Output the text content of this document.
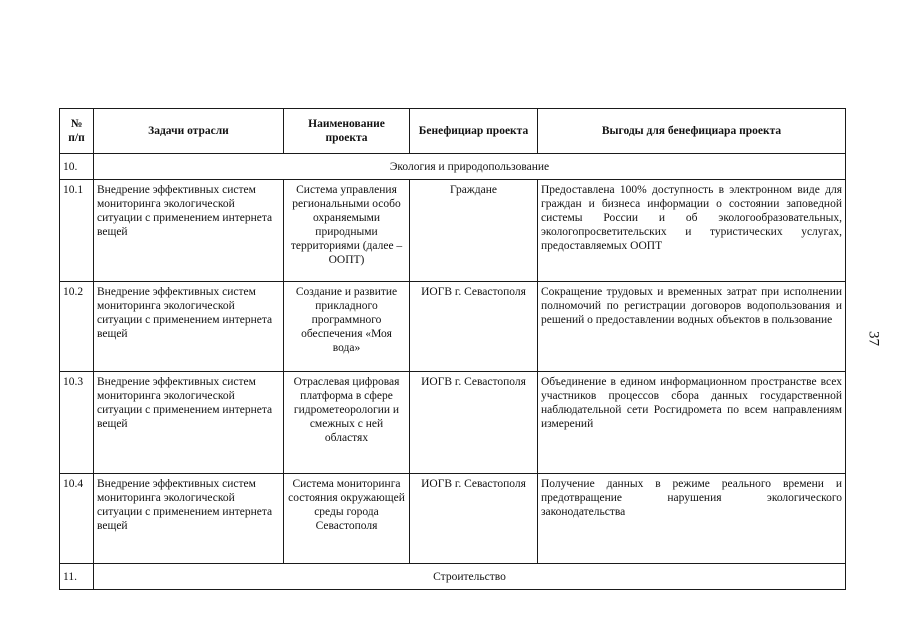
№
п/п	Задачи отрасли	Наименование проекта	Бенефициар проекта	Выгоды для бенефициара проекта
10.	Экология и природопользование			
10.1	Внедрение эффективных систем мониторинга экологической ситуации с применением интернета вещей	Система управления региональными особо охраняемыми природными территориями (далее – ООПТ)	Граждане	Предоставлена 100% доступность в электронном виде для граждан и бизнеса информации о состоянии заповедной системы России и об экологообразовательных, экологопросветительских и туристических услугах, предоставляемых ООПТ
10.2	Внедрение эффективных систем мониторинга экологической ситуации с применением интернета вещей	Создание и развитие прикладного программного обеспечения «Моя вода»	ИОГВ г. Севастополя	Сокращение трудовых и временных затрат при исполнении полномочий по регистрации договоров водопользования и решений о предоставлении водных объектов в пользование
10.3	Внедрение эффективных систем мониторинга экологической ситуации с применением интернета вещей	Отраслевая цифровая платформа в сфере гидрометеорологии и смежных с ней областях	ИОГВ г. Севастополя	Объединение в едином информационном пространстве всех участников процессов сбора данных государственной наблюдательной сети Росгидромета по всем направлениям измерений
10.4	Внедрение эффективных систем мониторинга экологической ситуации с применением интернета вещей	Система мониторинга состояния окружающей среды города Севастополя	ИОГВ г. Севастополя	Получение данных в режиме реального времени и предотвращение нарушения экологического законодательства
11.	Строительство			
37
